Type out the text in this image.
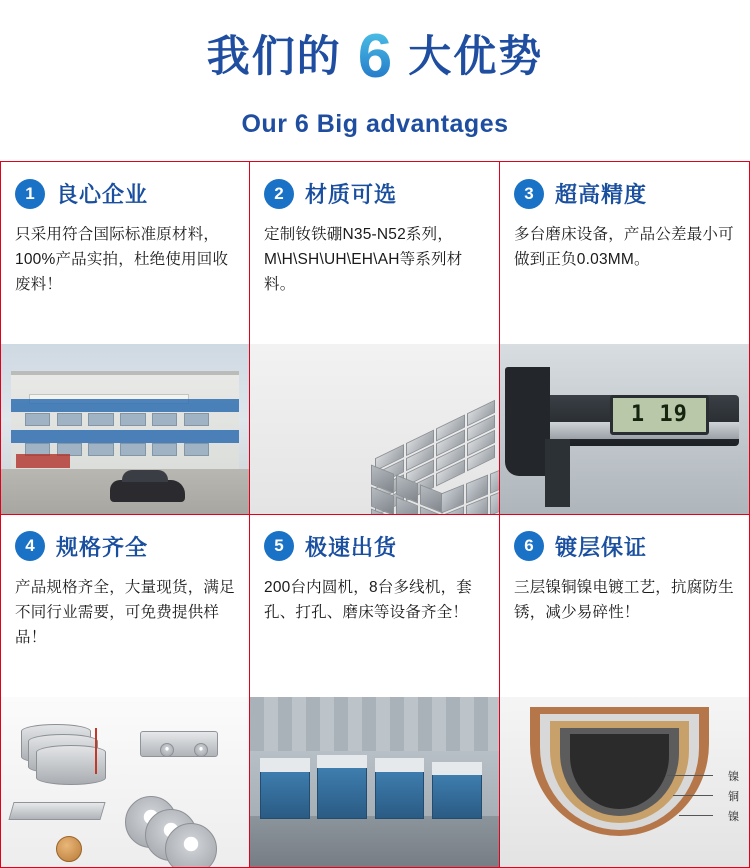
我们的 6 大优势
Our 6 Big advantages
1 良心企业
只采用符合国际标准原材料，100%产品实拍，杜绝使用回收废料！
2 材质可选
定制钕铁硼N35-N52系列，M\H\SH\UH\EH\AH等系列材料。
3 超高精度
多台磨床设备，产品公差最小可做到正负0.03MM。
1 19
4 规格齐全
产品规格齐全，大量现货，满足不同行业需要，可免费提供样品！
5 极速出货
200台内圆机，8台多线机，套孔、打孔、磨床等设备齐全！
6 镀层保证
三层镍铜镍电镀工艺，抗腐防生锈，减少易碎性！
镍
铜
镍
